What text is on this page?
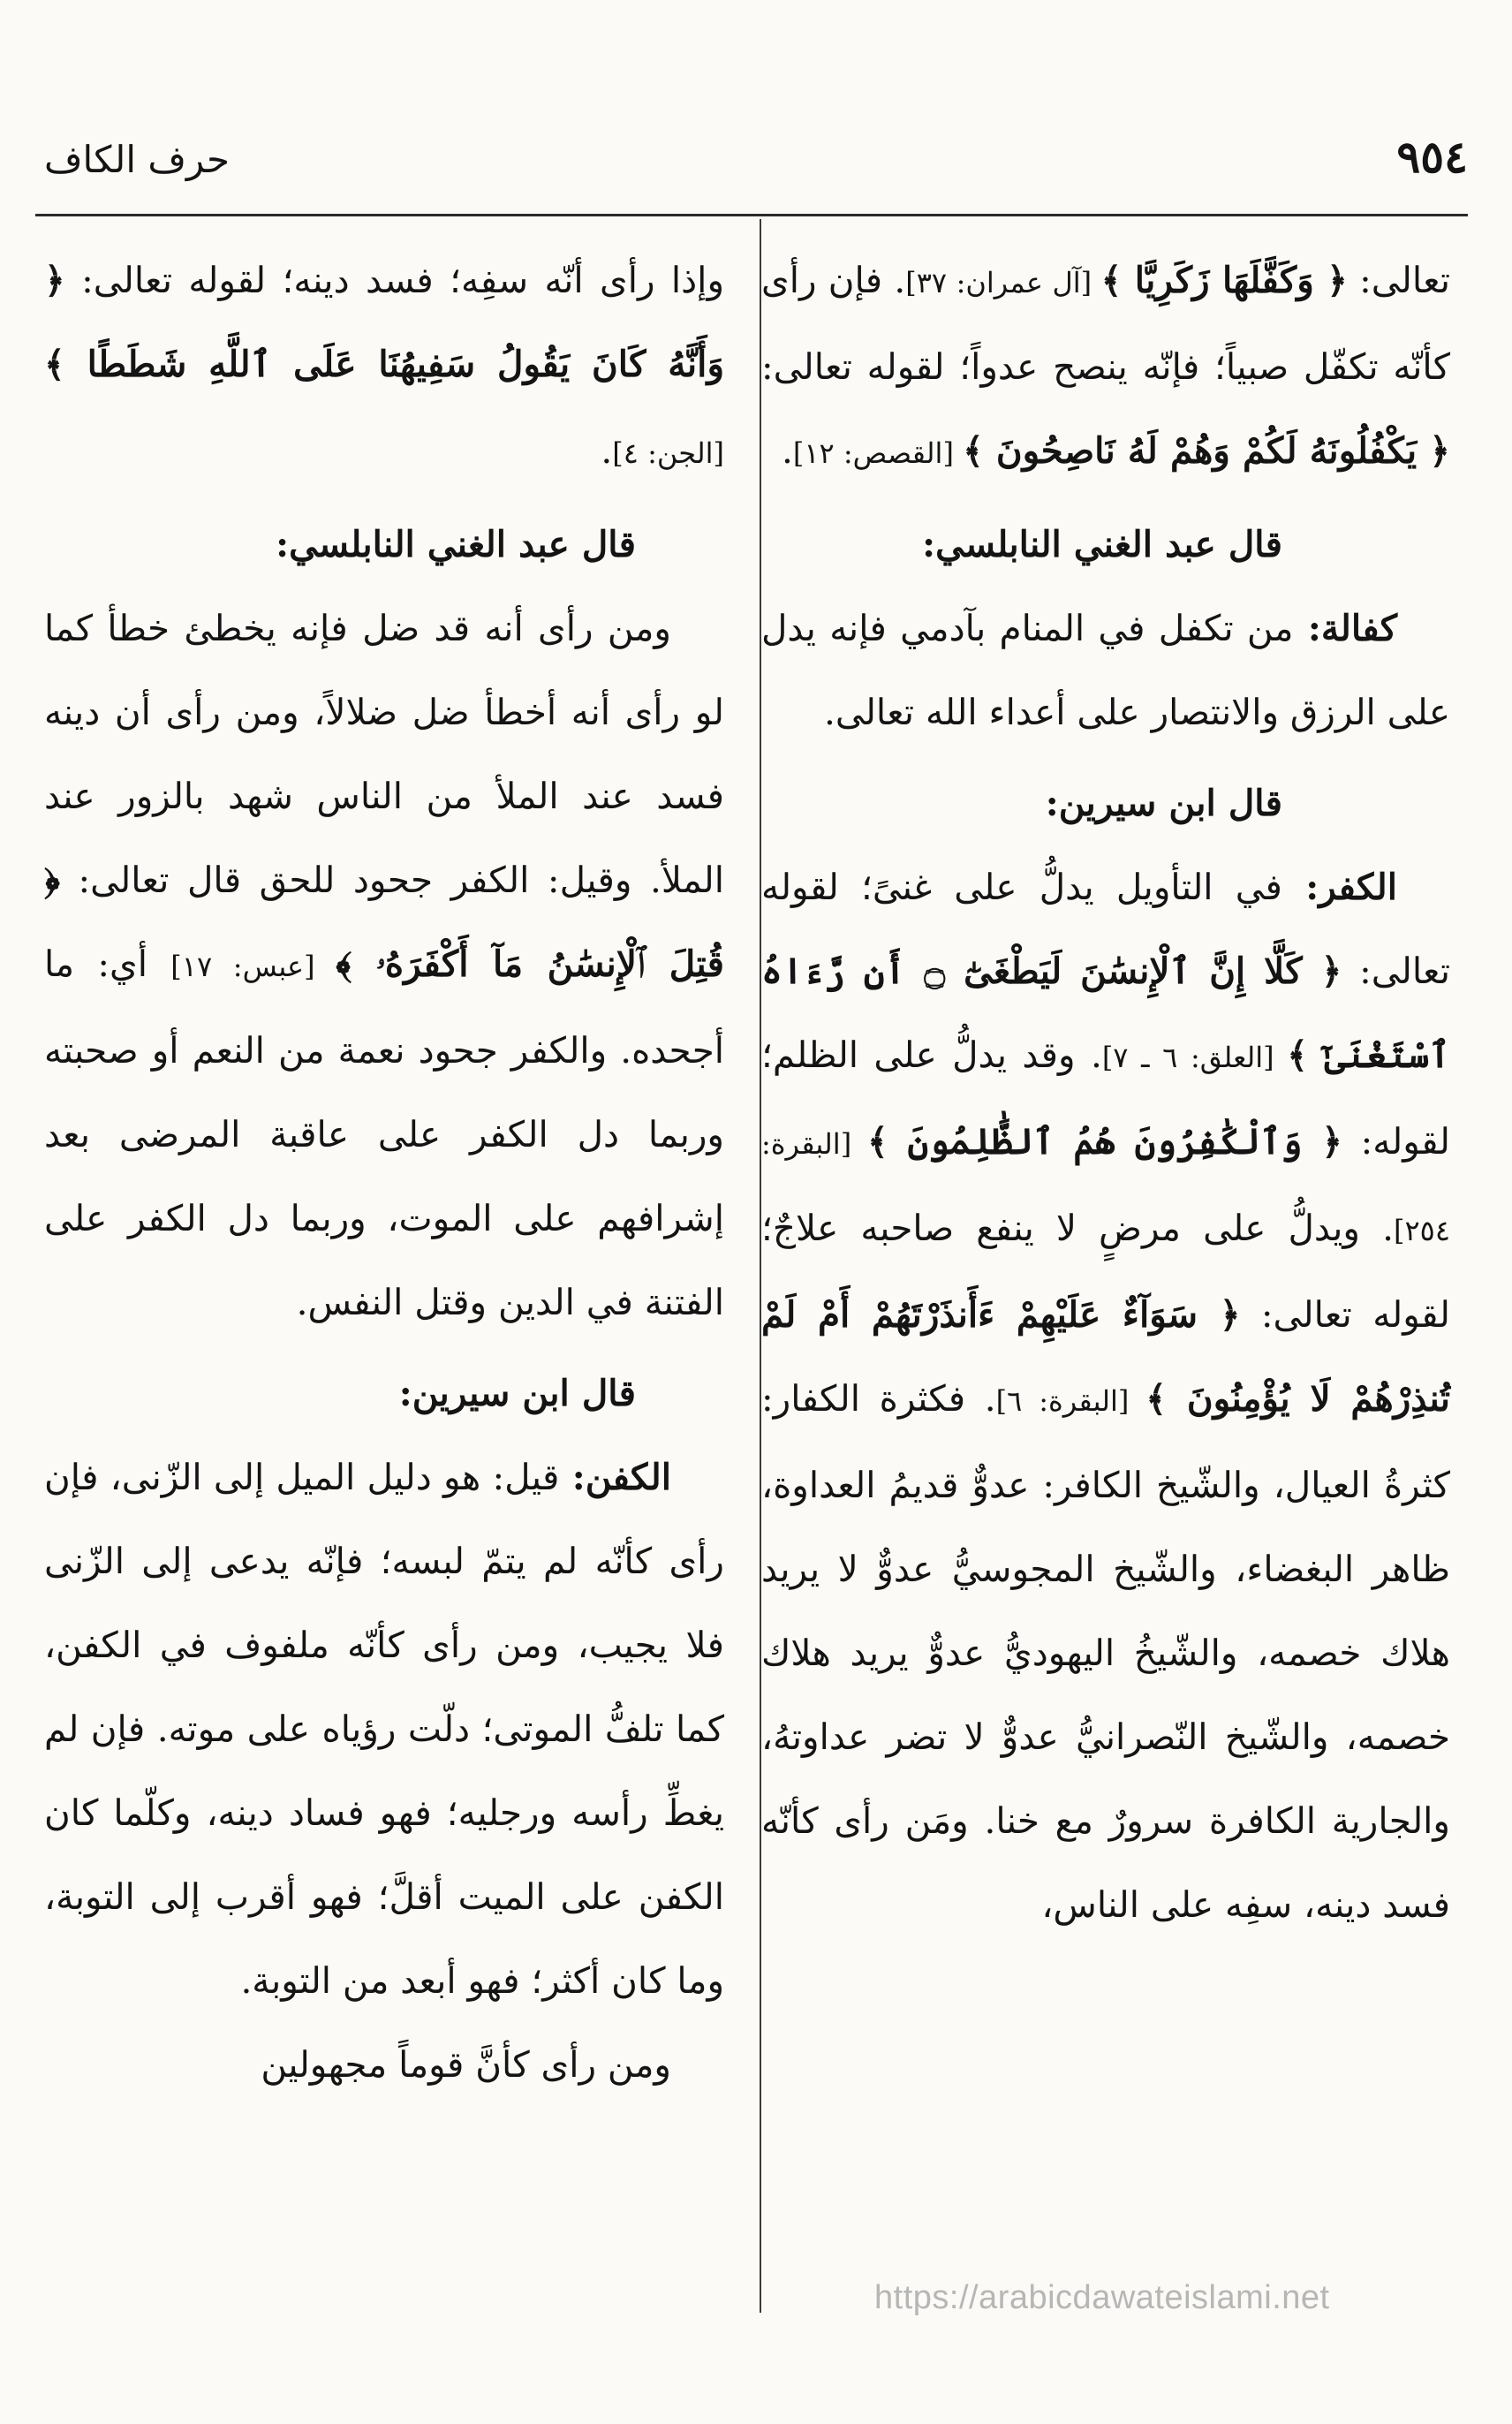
٩٥٤
حرف الكاف

تعالى: ﴿ وَكَفَّلَهَا زَكَرِيَّا ﴾ [آل عمران: ٣٧]. فإن رأى كأنّه تكفّل صبياً؛ فإنّه ينصح عدواً؛ لقوله تعالى: ﴿ يَكْفُلُونَهُ لَكُمْ وَهُمْ لَهُ نَاصِحُونَ ﴾ [القصص: ١٢].

قال عبد الغني النابلسي:

كفالة: من تكفل في المنام بآدمي فإنه يدل على الرزق والانتصار على أعداء الله تعالى.

قال ابن سيرين:

الكفر: في التأويل يدلُّ على غنىً؛ لقوله تعالى: ﴿ كَلَّا إِنَّ ٱلْإِنسَٰنَ لَيَطْغَىٰٓ ۝ أَن رَّءَاهُ ٱسْتَغْنَىٰٓ ﴾ [العلق: ٦ ـ ٧]. وقد يدلُّ على الظلم؛ لقوله: ﴿ وَٱلْكَٰفِرُونَ هُمُ ٱلظَّٰلِمُونَ ﴾ [البقرة: ٢٥٤]. ويدلُّ على مرضٍ لا ينفع صاحبه علاجٌ؛ لقوله تعالى: ﴿ سَوَآءٌ عَلَيْهِمْ ءَأَنذَرْتَهُمْ أَمْ لَمْ تُنذِرْهُمْ لَا يُؤْمِنُونَ ﴾ [البقرة: ٦]. فكثرة الكفار: كثرةُ العيال، والشّيخ الكافر: عدوٌّ قديمُ العداوة، ظاهر البغضاء، والشّيخ المجوسيُّ عدوٌّ لا يريد هلاك خصمه، والشّيخُ اليهوديُّ عدوٌّ يريد هلاك خصمه، والشّيخ النّصرانيُّ عدوٌّ لا تضر عداوتهُ، والجارية الكافرة سرورٌ مع خنا. ومَن رأى كأنّه فسد دينه، سفِه على الناس،

وإذا رأى أنّه سفِه؛ فسد دينه؛ لقوله تعالى: ﴿ وَأَنَّهُ كَانَ يَقُولُ سَفِيهُنَا عَلَى ٱللَّهِ شَطَطًا ﴾ [الجن: ٤].

قال عبد الغني النابلسي:

ومن رأى أنه قد ضل فإنه يخطئ خطأ كما لو رأى أنه أخطأ ضل ضلالاً، ومن رأى أن دينه فسد عند الملأ من الناس شهد بالزور عند الملأ. وقيل: الكفر جحود للحق قال تعالى: ﴿ قُتِلَ ٱلْإِنسَٰنُ مَآ أَكْفَرَهُۥ ﴾ [عبس: ١٧] أي: ما أجحده. والكفر جحود نعمة من النعم أو صحبته وربما دل الكفر على عاقبة المرضى بعد إشرافهم على الموت، وربما دل الكفر على الفتنة في الدين وقتل النفس.

قال ابن سيرين:

الكفن: قيل: هو دليل الميل إلى الزّنى، فإن رأى كأنّه لم يتمّ لبسه؛ فإنّه يدعى إلى الزّنى فلا يجيب، ومن رأى كأنّه ملفوف في الكفن، كما تلفُّ الموتى؛ دلّت رؤياه على موته. فإن لم يغطِّ رأسه ورجليه؛ فهو فساد دينه، وكلّما كان الكفن على الميت أقلَّ؛ فهو أقرب إلى التوبة، وما كان أكثر؛ فهو أبعد من التوبة.

ومن رأى كأنَّ قوماً مجهولين

https://arabicdawateislami.net
